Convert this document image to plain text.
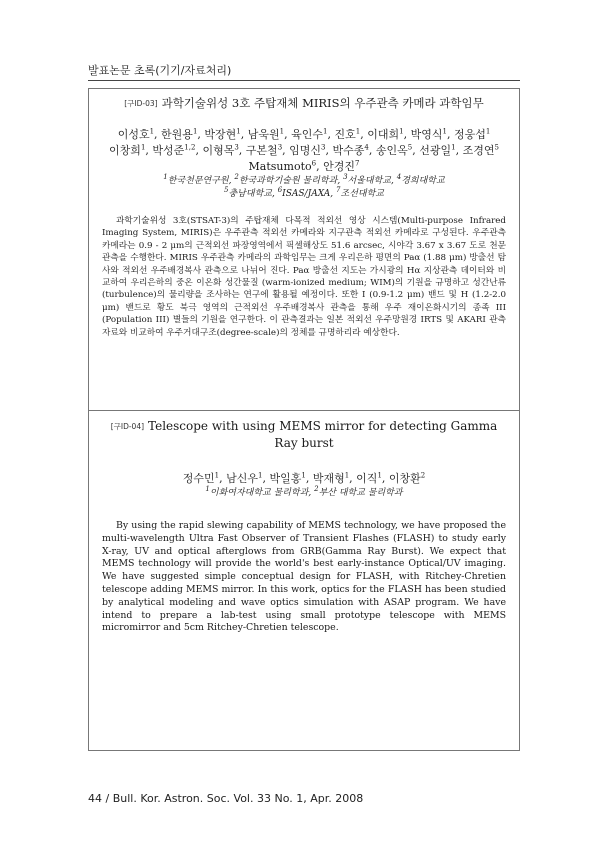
발표논문 초록(기기/자료처리)
[구ID-03] 과학기술위성 3호 주탑재체 MIRIS의 우주관측 카메라 과학임무
이성호$^1$, 한원용$^1$, 박장현$^1$, 남욱원$^1$, 육인수$^1$, 진호$^1$, 이대희$^1$, 박영식$^1$, 정웅섭$^1$
이창희$^1$, 박성준$^{1,2}$, 이형목$^3$, 구본철$^3$, 임명신$^3$, 박수종$^4$, 송인옥$^5$, 선광일$^1$, 조경연$^5$
Matsumoto$^6$, 안경진$^7$
$^1$한국천문연구원, $^2$한국과학기술원 물리학과, $^3$서울대학교, $^4$경희대학교
$^5$충남대학교, $^6$ISAS/JAXA, $^7$조선대학교

과학기술위성 3호(STSAT-3)의 주탑재체 다목적 적외선 영상 시스템(Multi-purpose Infrared Imaging System, MIRIS)은 우주관측 적외선 카메라와 지구관측 적외선 카메라로 구성된다. 우주관측 카메라는 0.9 - 2 μm의 근적외선 파장영역에서 픽셀해상도 51.6 arcsec, 시야각 3.67 x 3.67 도로 천문관측을 수행한다. MIRIS 우주관측 카메라의 과학임무는 크게 우리은하 평면의 Paα (1.88 μm) 방출선 탐사와 적외선 우주배경복사 관측으로 나뉘어 진다. Paα 방출선 지도는 가시광의 Hα 지상관측 데이터와 비교하여 우리은하의 중온 이온화 성간물질 (warm-ionized medium; WIM)의 기원을 규명하고 성간난류 (turbulence)의 물리량을 조사하는 연구에 활용될 예정이다. 또한 I (0.9-1.2 μm) 밴드 및 H (1.2-2.0 μm) 밴드로 황도 북극 영역의 근적외선 우주배경복사 관측을 통해 우주 재이온화시기의 종족 III (Population III) 별들의 기원을 연구한다. 이 관측결과는 일본 적외선 우주망원경 IRTS 및 AKARI 관측자료와 비교하여 우주거대구조(degree-scale)의 정체를 규명하리라 예상한다.

[구ID-04] Telescope with using MEMS mirror for detecting Gamma Ray burst
정수민$^1$, 남신우$^1$, 박일홍$^1$, 박재형$^1$, 이직$^1$, 이창환$^2$
$^1$이화여자대학교 물리학과, $^2$부산 대학교 물리학과

By using the rapid slewing capability of MEMS technology, we have proposed the multi-wavelength Ultra Fast Observer of Transient Flashes (FLASH) to study early X-ray, UV and optical afterglows from GRB(Gamma Ray Burst). We expect that MEMS technology will provide the world's best early-instance Optical/UV imaging. We have suggested simple conceptual design for FLASH, with Ritchey-Chretien telescope adding MEMS mirror. In this work, optics for the FLASH has been studied by analytical modeling and wave optics simulation with ASAP program. We have intend to prepare a lab-test using small prototype telescope with MEMS micromirror and 5cm Ritchey-Chretien telescope.

44 / Bull. Kor. Astron. Soc. Vol. 33 No. 1, Apr. 2008
